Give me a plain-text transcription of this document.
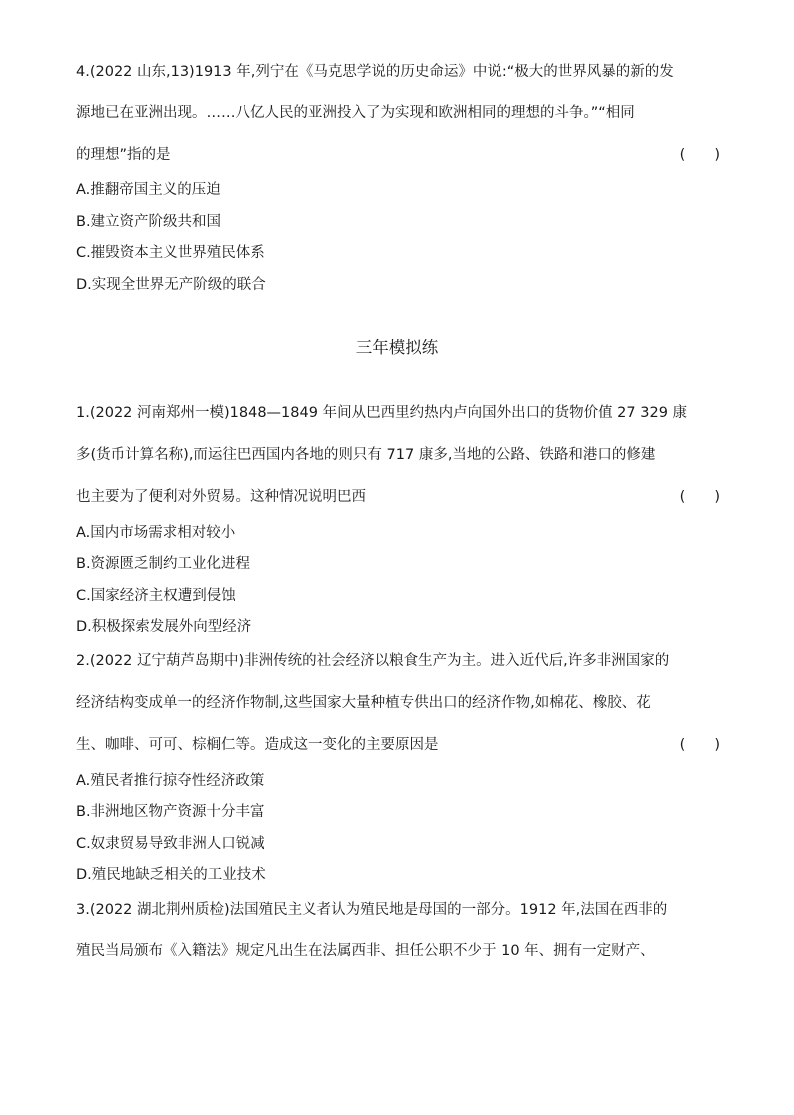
4.(2022 山东,13)1913 年,列宁在《马克思学说的历史命运》中说:“极大的世界风暴的新的发
源地已在亚洲出现。……八亿人民的亚洲投入了为实现和欧洲相同的理想的斗争。”“相同
的理想”指的是	(　　)
A.推翻帝国主义的压迫
B.建立资产阶级共和国
C.摧毁资本主义世界殖民体系
D.实现全世界无产阶级的联合
三年模拟练
1.(2022 河南郑州一模)1848—1849 年间从巴西里约热内卢向国外出口的货物价值 27 329 康
多(货币计算名称),而运往巴西国内各地的则只有 717 康多,当地的公路、铁路和港口的修建
也主要为了便利对外贸易。这种情况说明巴西	(　　)
A.国内市场需求相对较小
B.资源匮乏制约工业化进程
C.国家经济主权遭到侵蚀
D.积极探索发展外向型经济
2.(2022 辽宁葫芦岛期中)非洲传统的社会经济以粮食生产为主。进入近代后,许多非洲国家的
经济结构变成单一的经济作物制,这些国家大量种植专供出口的经济作物,如棉花、橡胶、花
生、咖啡、可可、棕榈仁等。造成这一变化的主要原因是	(　　)
A.殖民者推行掠夺性经济政策
B.非洲地区物产资源十分丰富
C.奴隶贸易导致非洲人口锐减
D.殖民地缺乏相关的工业技术
3.(2022 湖北荆州质检)法国殖民主义者认为殖民地是母国的一部分。1912 年,法国在西非的
殖民当局颁布《入籍法》规定凡出生在法属西非、担任公职不少于 10 年、拥有一定财产、
